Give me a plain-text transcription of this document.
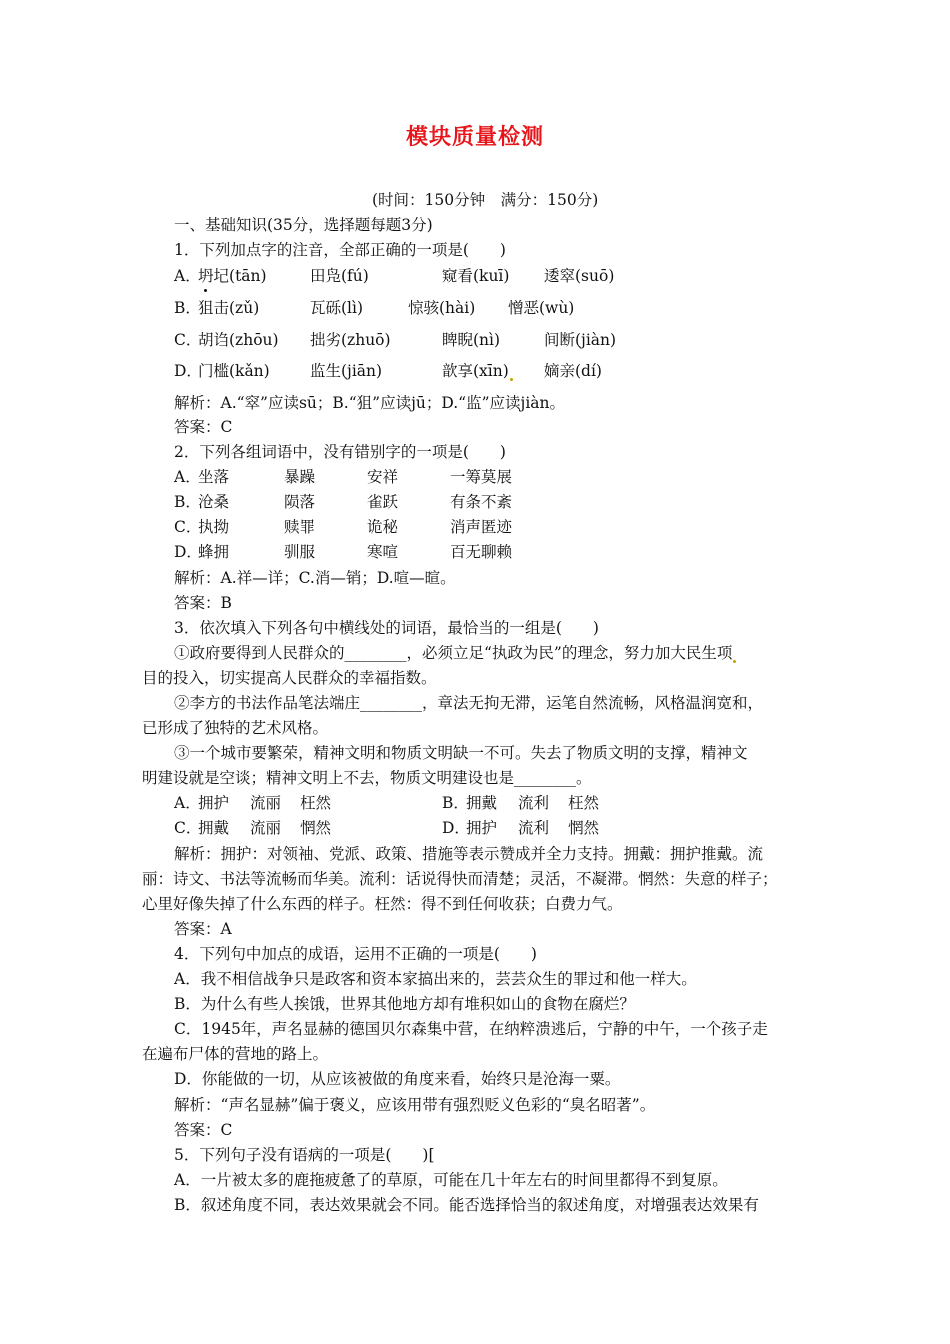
模块质量检测
(时间：150分钟　满分：150分)
一、基础知识(35分，选择题每题3分)
1．下列加点字的注音，全部正确的一项是(　　)
A．
坍圮(tān)	田凫(fú)	窥看(kuī) 逶窣(suō)
B．
狙击(zǔ)	瓦砾(lì)	惊骇(hài) 憎恶(wù)
C．
胡诌(zhōu) 拙劣(zhuō)	睥睨(nì)	间断(jiàn)
D．
门槛(kǎn)	监生(jiān)	歆享(xīn) 嫡亲(dí)
解析：A.“窣”应读sū；B.“狙”应读jū；D.“监”应读jiàn。
答案：C
2．下列各组词语中，没有错别字的一项是(　　)
A．
坐落	暴躁	安祥	一筹莫展
B．
沧桑	陨落	雀跃	有条不紊
C．
执拗	赎罪	诡秘	消声匿迹
D．
蜂拥	驯服	寒喧	百无聊赖
解析：A.祥—详；C.消—销；D.喧—暄。
答案：B
3．依次填入下列各句中横线处的词语，最恰当的一组是(　　)
①政府要得到人民群众的________，必须立足“执政为民”的理念，努力加大民生项
目的投入，切实提高人民群众的幸福指数。
②李方的书法作品笔法端庄________，章法无拘无滞，运笔自然流畅，风格温润宽和，
已形成了独特的艺术风格。
③一个城市要繁荣，精神文明和物质文明缺一不可。失去了物质文明的支撑，精神文
明建设就是空谈；精神文明上不去，物质文明建设也是________。
A．
拥护 流丽 枉然	B．
拥戴 流利 枉然
C．
拥戴 流丽 惘然	D．
拥护 流利 惘然
解析：拥护：对领袖、党派、政策、措施等表示赞成并全力支持。拥戴：拥护推戴。流
丽：诗文、书法等流畅而华美。流利：话说得快而清楚；灵活，不凝滞。惘然：失意的样子；
心里好像失掉了什么东西的样子。枉然：得不到任何收获；白费力气。
答案：A
4．下列句中加点的成语，运用不正确的一项是(　　)
A．我不相信战争只是政客和资本家搞出来的，芸芸众生的罪过和他一样大。
B．为什么有些人挨饿，世界其他地方却有堆积如山的食物在腐烂？
C．1945年，声名显赫的德国贝尔森集中营，在纳粹溃逃后，宁静的中午，一个孩子走
在遍布尸体的营地的路上。
D．你能做的一切，从应该被做的角度来看，始终只是沧海一粟。
解析：“声名显赫”偏于褒义，应该用带有强烈贬义色彩的“臭名昭著”。
答案：C
5．下列句子没有语病的一项是(　　)[
A．一片被太多的鹿拖疲惫了的草原，可能在几十年左右的时间里都得不到复原。
B．叙述角度不同，表达效果就会不同。能否选择恰当的叙述角度，对增强表达效果有
